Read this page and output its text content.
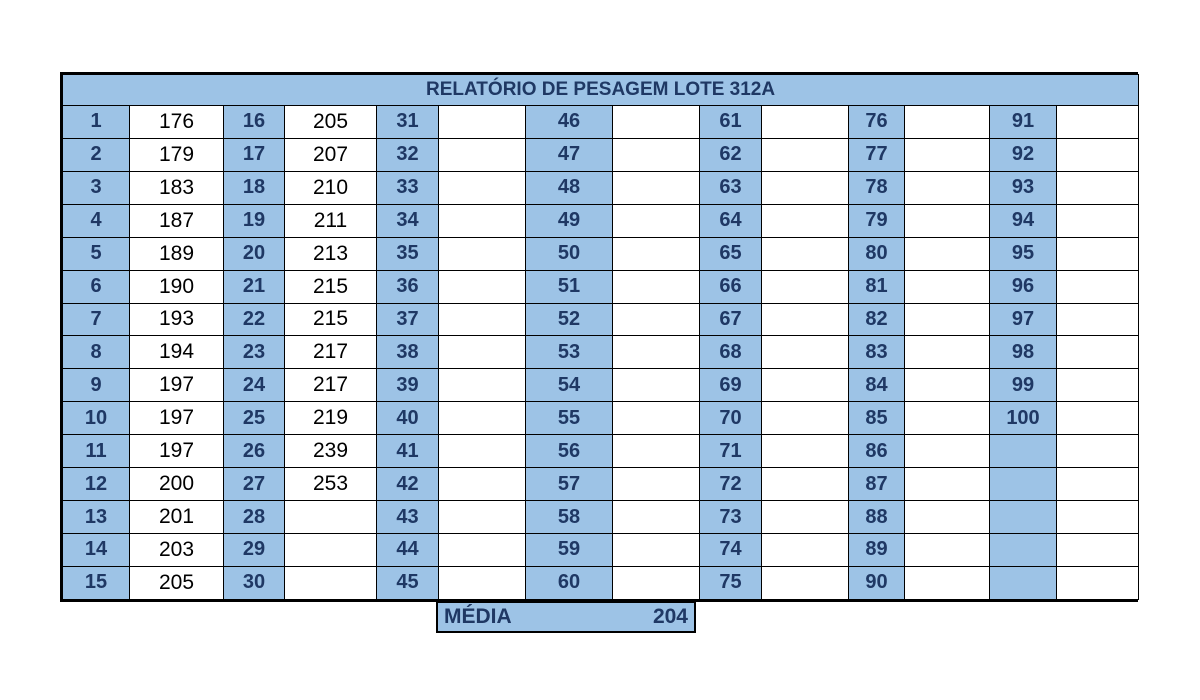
RELATÓRIO DE PESAGEM LOTE 312A													
1	176	16	205	31		46		61		76		91	
2	179	17	207	32		47		62		77		92	
3	183	18	210	33		48		63		78		93	
4	187	19	211	34		49		64		79		94	
5	189	20	213	35		50		65		80		95	
6	190	21	215	36		51		66		81		96	
7	193	22	215	37		52		67		82		97	
8	194	23	217	38		53		68		83		98	
9	197	24	217	39		54		69		84		99	
10	197	25	219	40		55		70		85		100	
11	197	26	239	41		56		71		86			
12	200	27	253	42		57		72		87			
13	201	28		43		58		73		88			
14	203	29		44		59		74		89			
15	205	30		45		60		75		90			
MÉDIA	204
